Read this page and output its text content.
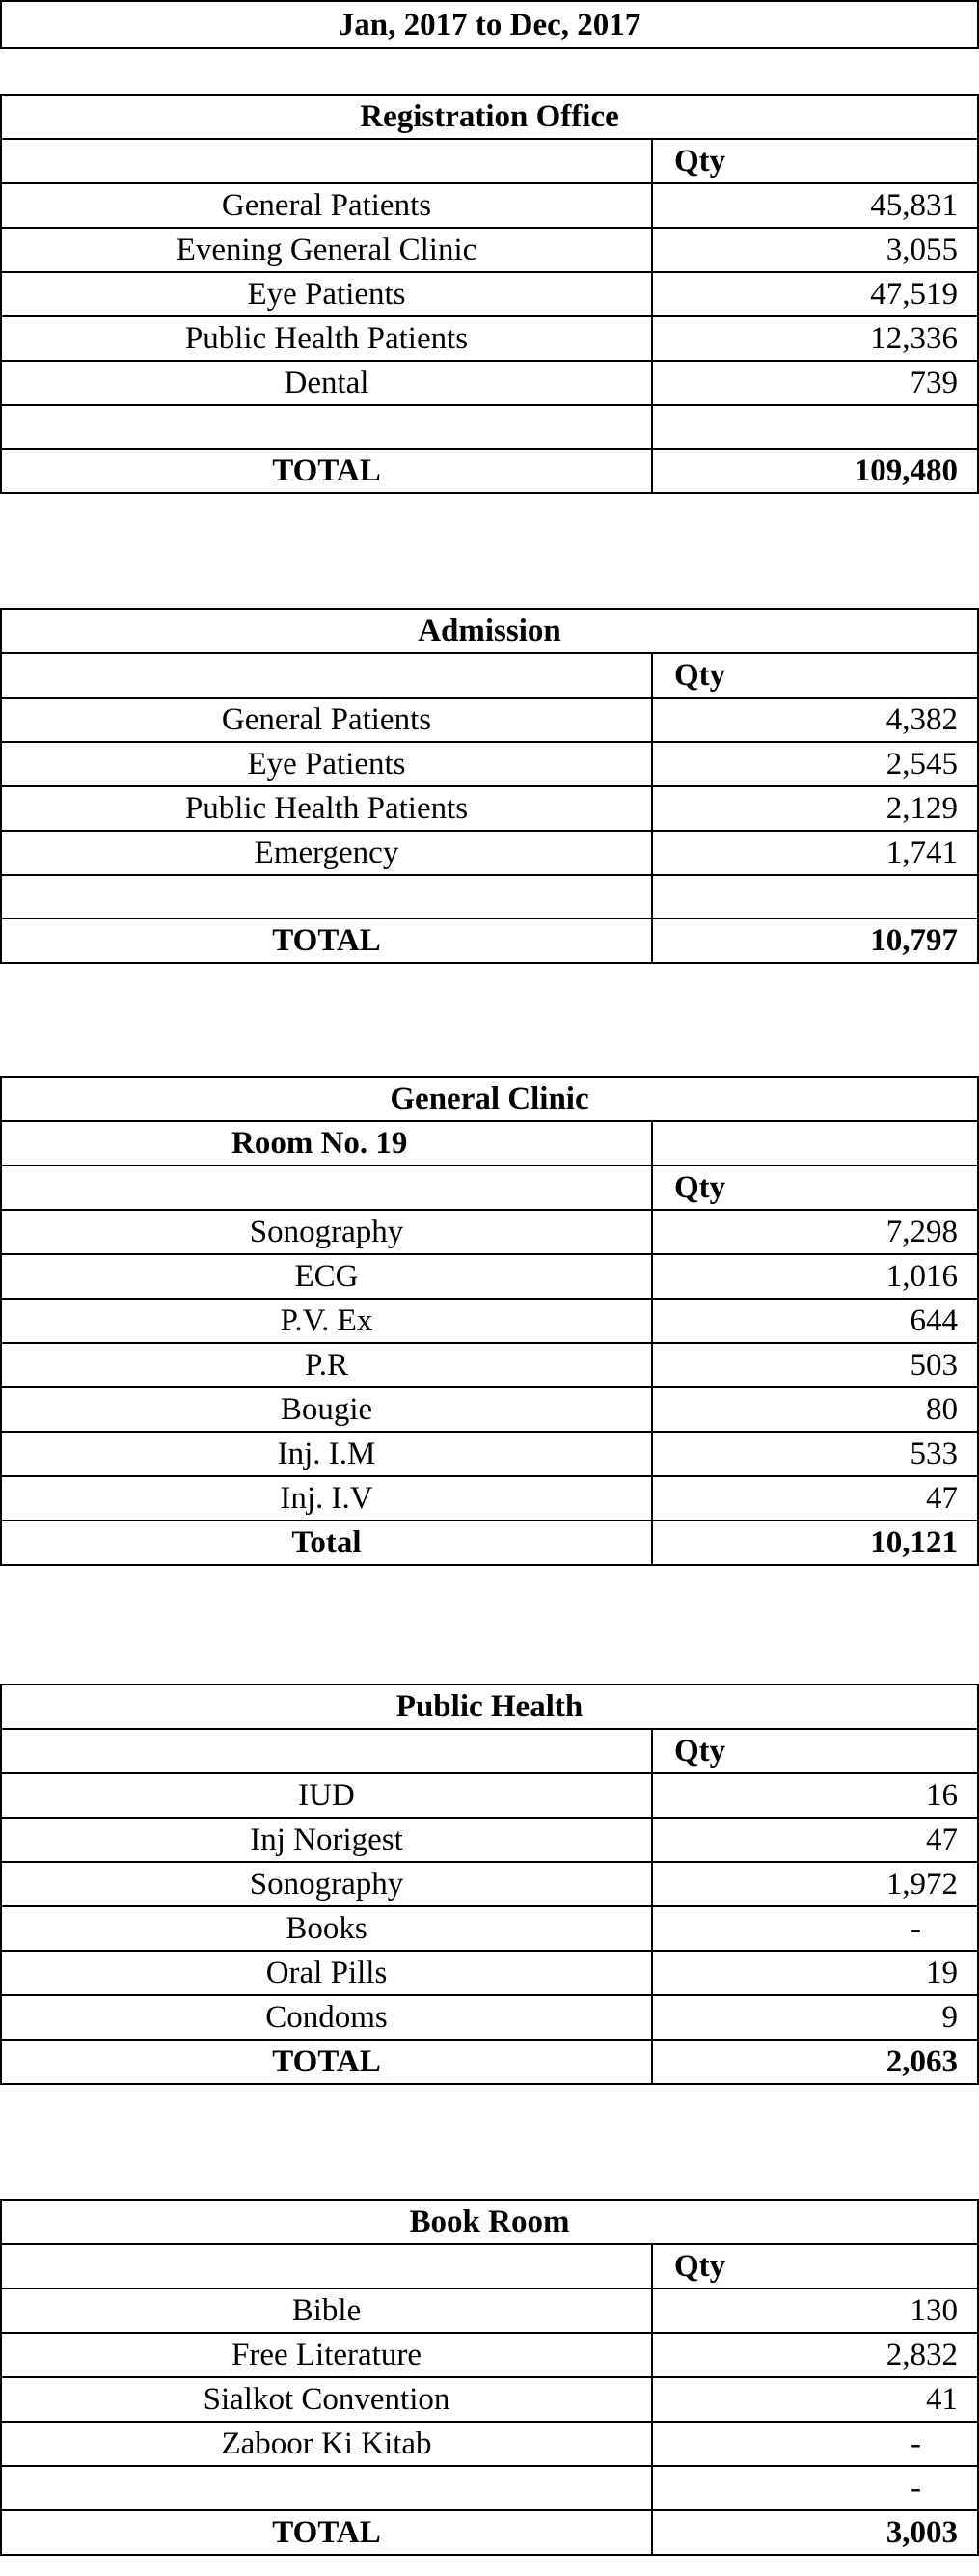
Jan, 2017 to Dec, 2017
Registration Office	
	Qty
General Patients	45,831
Evening General Clinic	3,055
Eye Patients	47,519
Public Health Patients	12,336
Dental	739

TOTAL	109,480
Admission	
	Qty
General Patients	4,382
Eye Patients	2,545
Public Health Patients	2,129
Emergency	1,741

TOTAL	10,797
General Clinic	
Room No. 19	
	Qty
Sonography	7,298
ECG	1,016
P.V. Ex	644
P.R	503
Bougie	80
Inj. I.M	533
Inj. I.V	47
Total	10,121
Public Health	
	Qty
IUD	16
Inj Norigest	47
Sonography	1,972
Books	-
Oral Pills	19
Condoms	9
TOTAL	2,063
Book Room	
	Qty
Bible	130
Free Literature	2,832
Sialkot Convention	41
Zaboor Ki Kitab	-
	-
TOTAL	3,003
